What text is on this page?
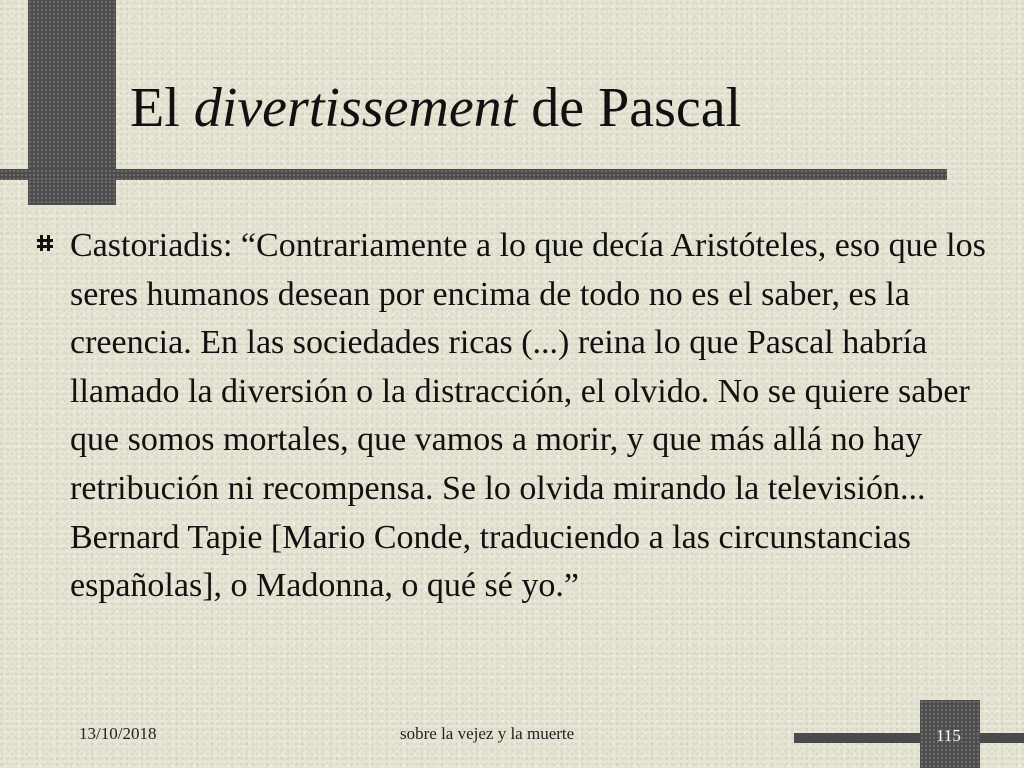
El divertissement de Pascal

Castoriadis: “Contrariamente a lo que decía Aristóteles, eso que los seres humanos desean por encima de todo no es el saber, es la creencia. En las sociedades ricas (...) reina lo que Pascal habría llamado la diversión o la distracción, el olvido. No se quiere saber que somos mortales, que vamos a morir, y que más allá no hay retribución ni recompensa. Se lo olvida mirando la televisión... Bernard Tapie [Mario Conde, traduciendo a las circunstancias españolas], o Madonna, o qué sé yo.”

13/10/2018	sobre la vejez y la muerte	115
